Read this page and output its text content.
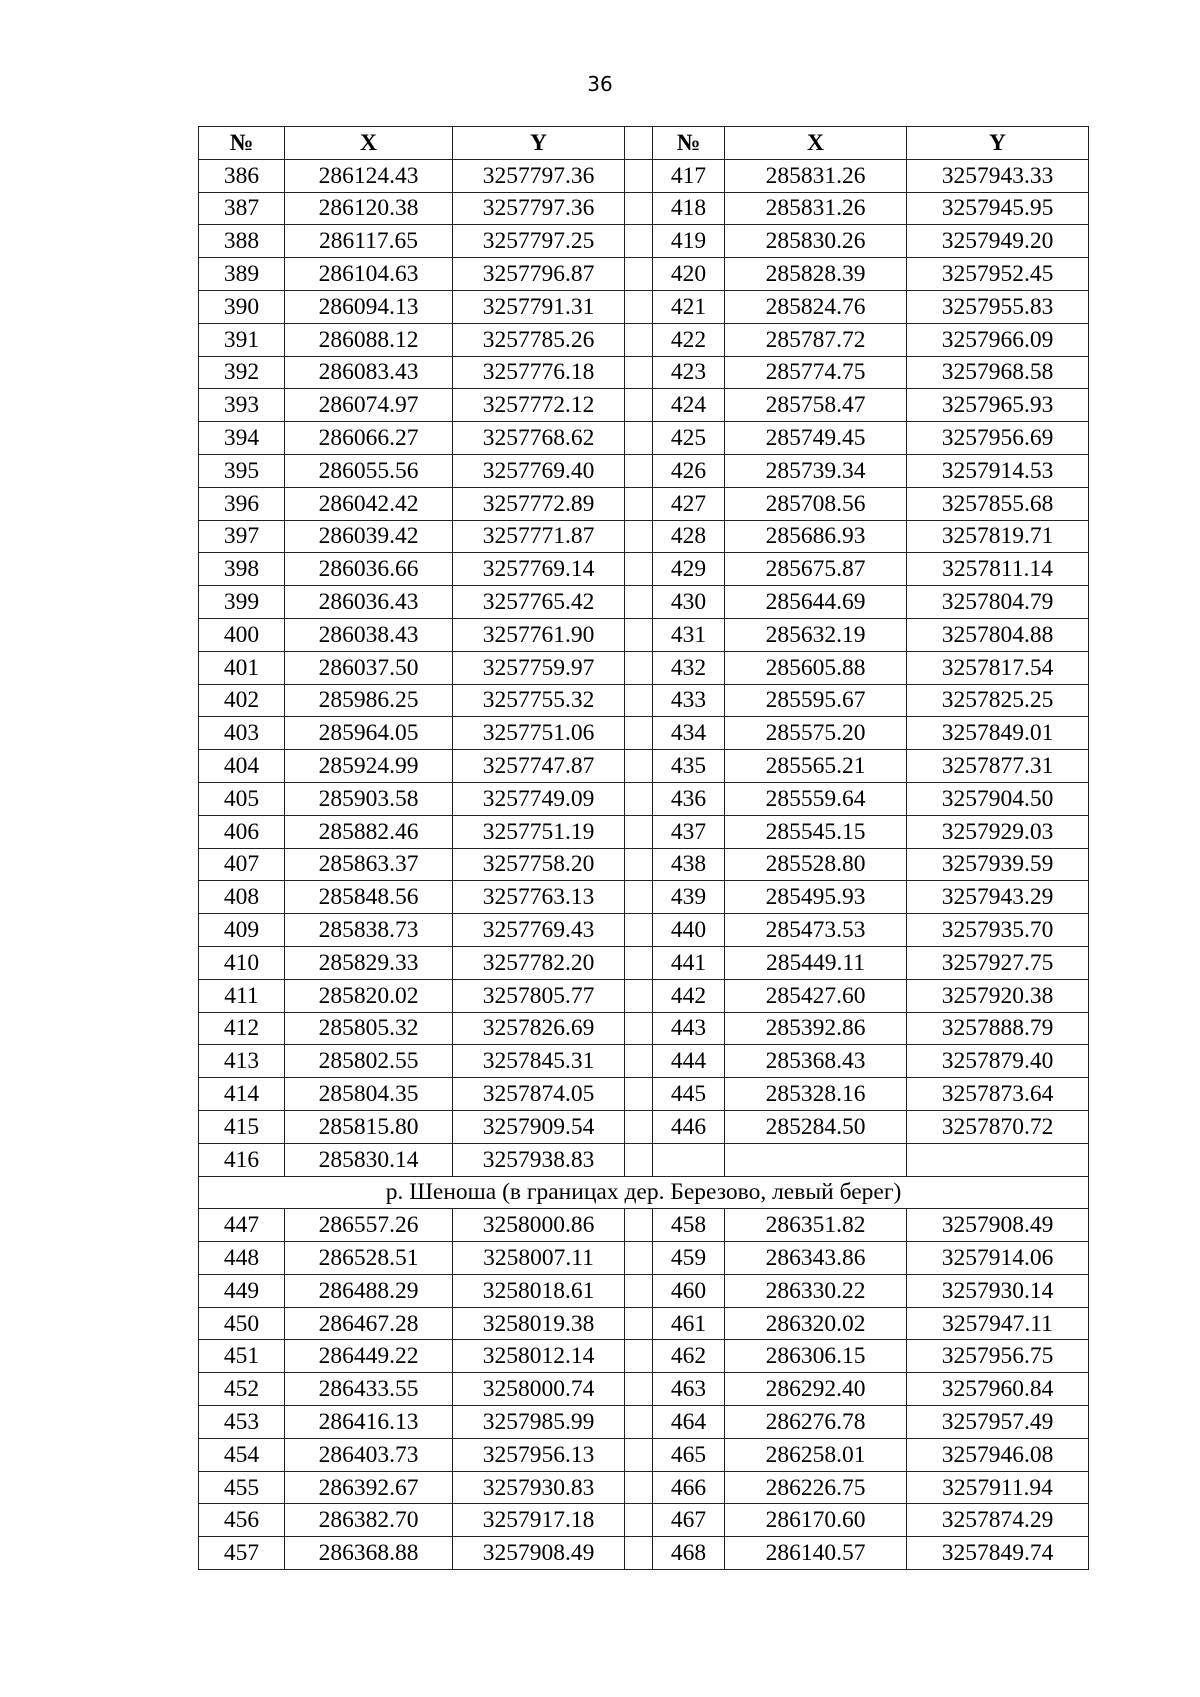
36
№	X	Y		№	X	Y
386	286124.43	3257797.36		417	285831.26	3257943.33
387	286120.38	3257797.36		418	285831.26	3257945.95
388	286117.65	3257797.25		419	285830.26	3257949.20
389	286104.63	3257796.87		420	285828.39	3257952.45
390	286094.13	3257791.31		421	285824.76	3257955.83
391	286088.12	3257785.26		422	285787.72	3257966.09
392	286083.43	3257776.18		423	285774.75	3257968.58
393	286074.97	3257772.12		424	285758.47	3257965.93
394	286066.27	3257768.62		425	285749.45	3257956.69
395	286055.56	3257769.40		426	285739.34	3257914.53
396	286042.42	3257772.89		427	285708.56	3257855.68
397	286039.42	3257771.87		428	285686.93	3257819.71
398	286036.66	3257769.14		429	285675.87	3257811.14
399	286036.43	3257765.42		430	285644.69	3257804.79
400	286038.43	3257761.90		431	285632.19	3257804.88
401	286037.50	3257759.97		432	285605.88	3257817.54
402	285986.25	3257755.32		433	285595.67	3257825.25
403	285964.05	3257751.06		434	285575.20	3257849.01
404	285924.99	3257747.87		435	285565.21	3257877.31
405	285903.58	3257749.09		436	285559.64	3257904.50
406	285882.46	3257751.19		437	285545.15	3257929.03
407	285863.37	3257758.20		438	285528.80	3257939.59
408	285848.56	3257763.13		439	285495.93	3257943.29
409	285838.73	3257769.43		440	285473.53	3257935.70
410	285829.33	3257782.20		441	285449.11	3257927.75
411	285820.02	3257805.77		442	285427.60	3257920.38
412	285805.32	3257826.69		443	285392.86	3257888.79
413	285802.55	3257845.31		444	285368.43	3257879.40
414	285804.35	3257874.05		445	285328.16	3257873.64
415	285815.80	3257909.54		446	285284.50	3257870.72
416	285830.14	3257938.83				
р. Шеноша (в границах дер. Березово, левый берег)						
447	286557.26	3258000.86		458	286351.82	3257908.49
448	286528.51	3258007.11		459	286343.86	3257914.06
449	286488.29	3258018.61		460	286330.22	3257930.14
450	286467.28	3258019.38		461	286320.02	3257947.11
451	286449.22	3258012.14		462	286306.15	3257956.75
452	286433.55	3258000.74		463	286292.40	3257960.84
453	286416.13	3257985.99		464	286276.78	3257957.49
454	286403.73	3257956.13		465	286258.01	3257946.08
455	286392.67	3257930.83		466	286226.75	3257911.94
456	286382.70	3257917.18		467	286170.60	3257874.29
457	286368.88	3257908.49		468	286140.57	3257849.74
